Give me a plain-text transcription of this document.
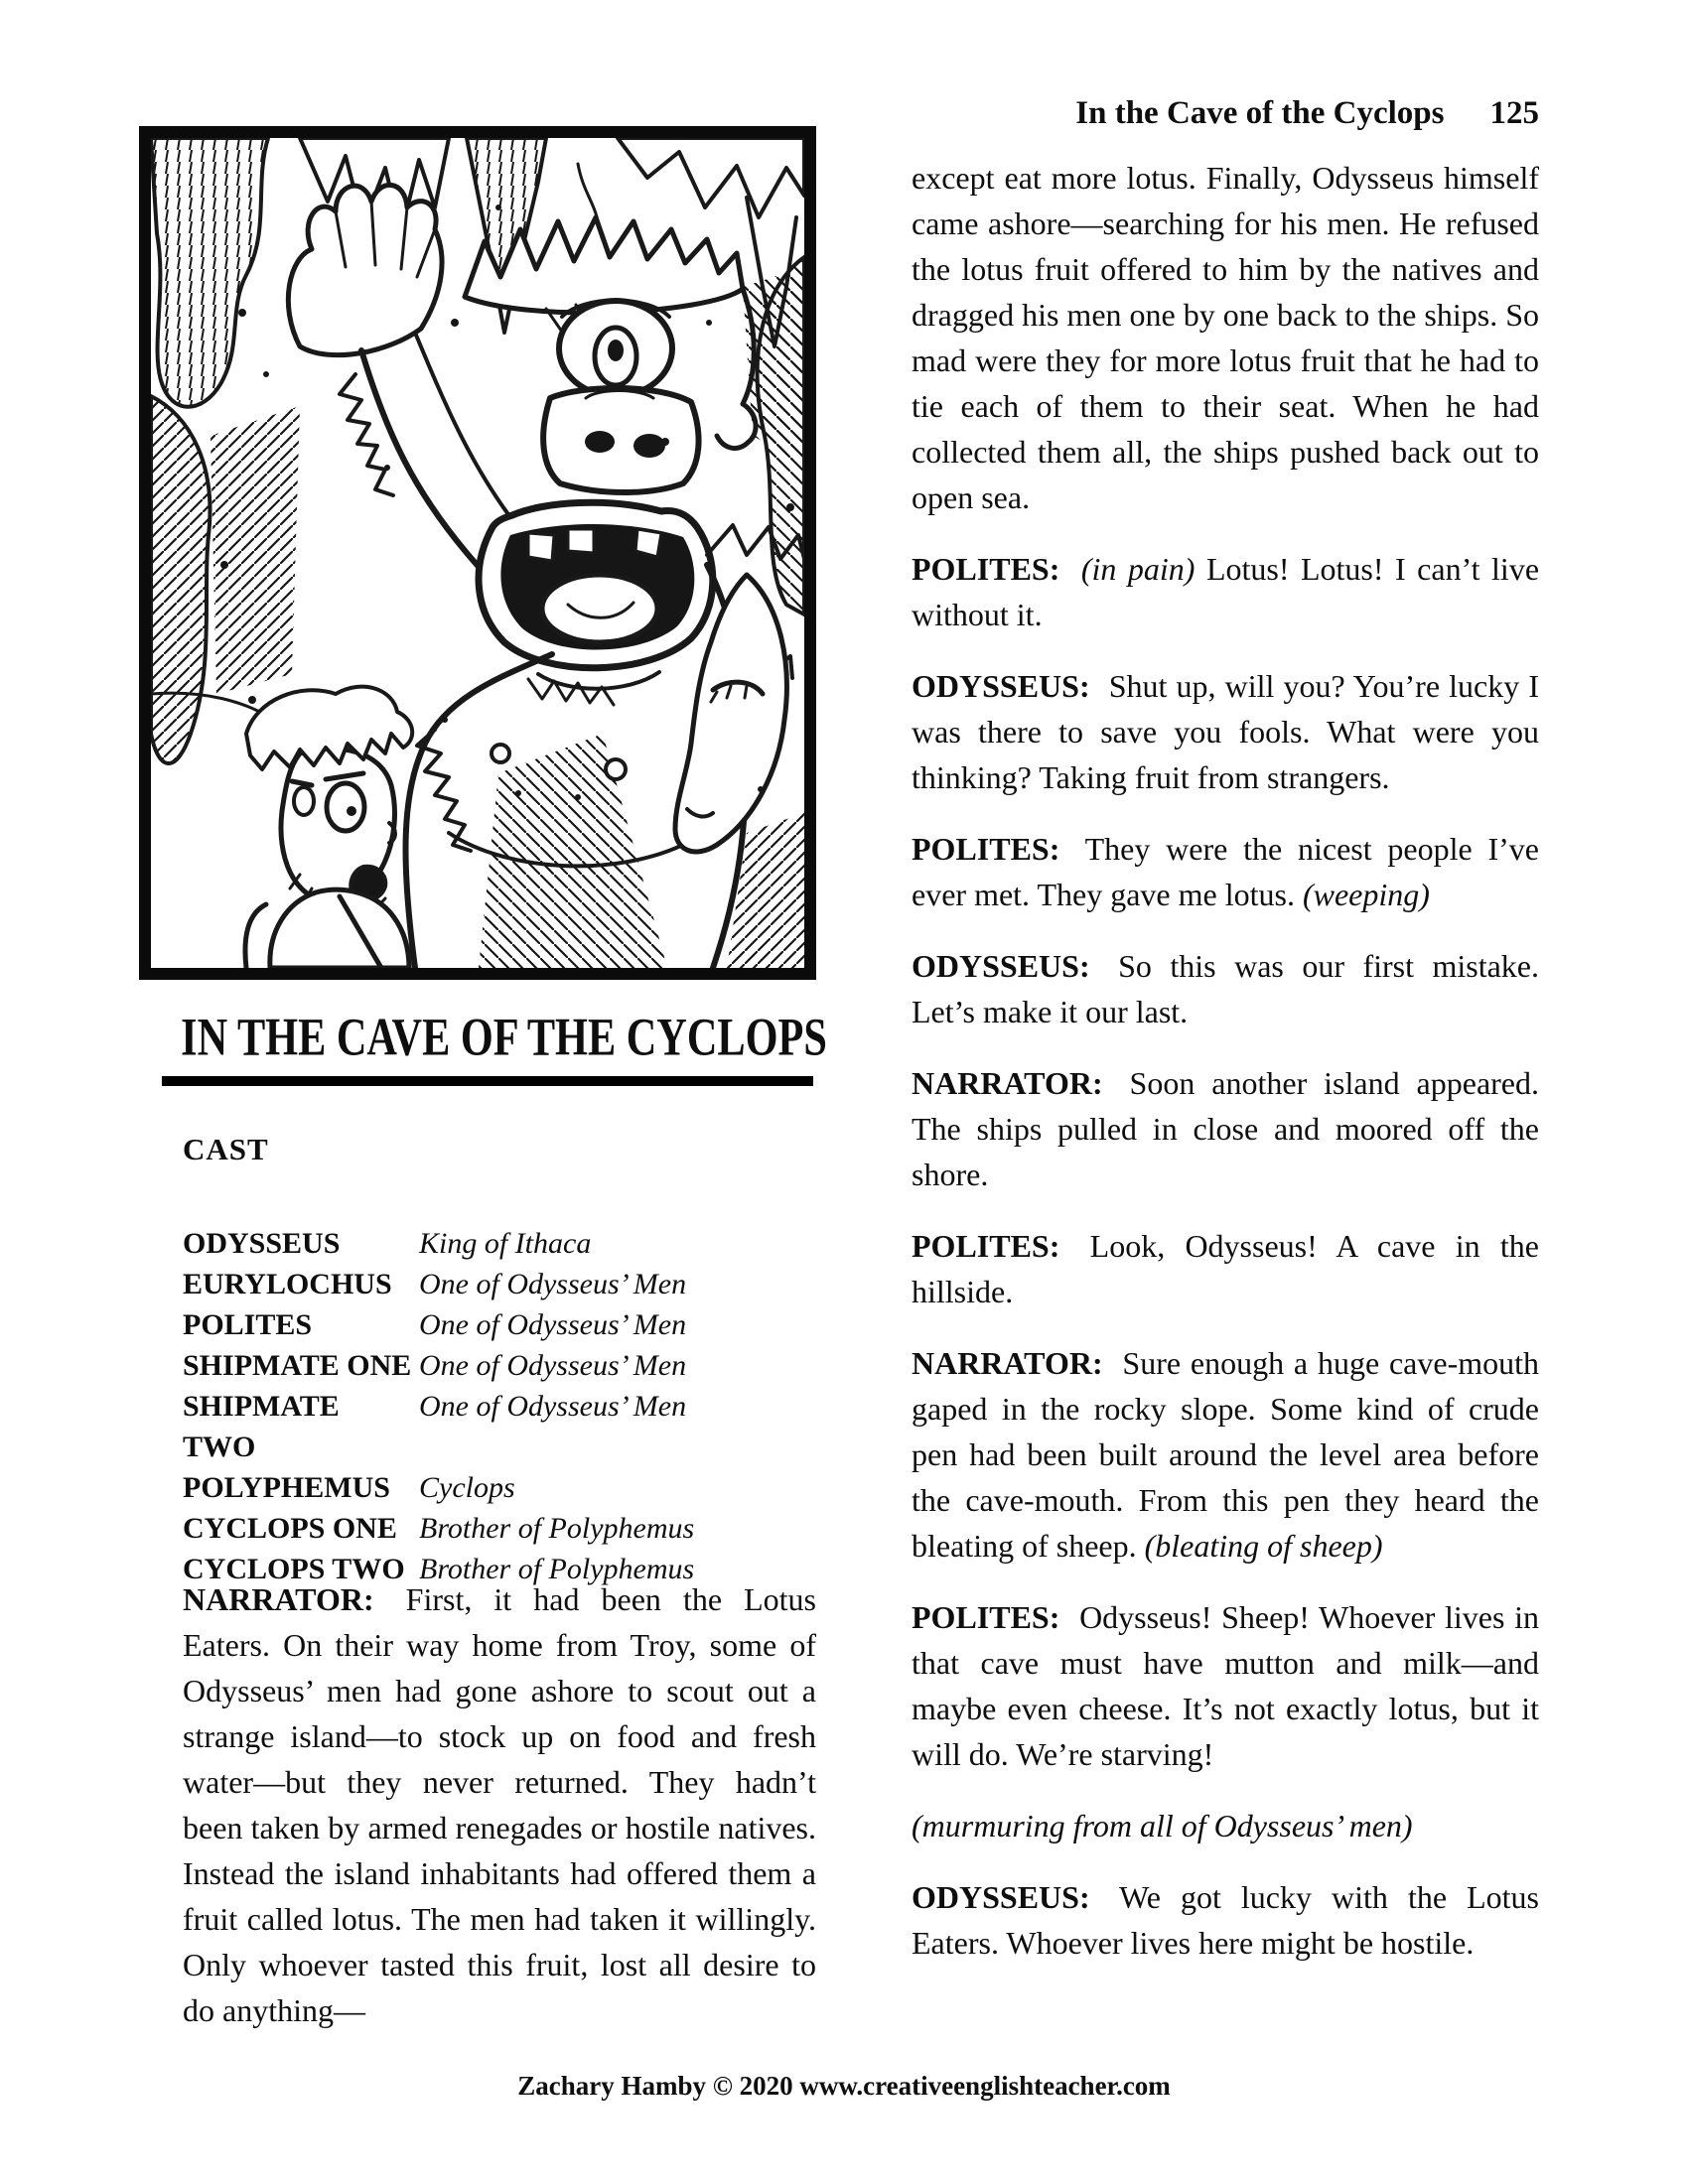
In the Cave of the Cyclops 125
IN THE CAVE OF THE CYCLOPS
CAST
ODYSSEUS	King of Ithaca
EURYLOCHUS One of Odysseus’ Men
POLITES	One of Odysseus’ Men
SHIPMATE ONE One of Odysseus’ Men
SHIPMATE TWO
One of Odysseus’ Men
POLYPHEMUS Cyclops
CYCLOPS ONE Brother of Polyphemus
CYCLOPS TWO Brother of Polyphemus

NARRATOR: First, it had been the Lotus Eaters. On their way home from Troy, some of Odysseus’ men had gone ashore to scout out a strange island—to stock up on food and fresh water—but they never returned. They hadn’t been taken by armed renegades or hostile natives. Instead the island inhabitants had offered them a fruit called lotus. The men had taken it willingly. Only whoever tasted this fruit, lost all desire to do anything—

except eat more lotus. Finally, Odysseus himself came ashore—searching for his men. He refused the lotus fruit offered to him by the natives and dragged his men one by one back to the ships. So mad were they for more lotus fruit that he had to tie each of them to their seat. When he had collected them all, the ships pushed back out to open sea.

POLITES: (in pain) Lotus! Lotus! I can’t live without it.

ODYSSEUS: Shut up, will you? You’re lucky I was there to save you fools. What were you thinking? Taking fruit from strangers.

POLITES: They were the nicest people I’ve ever met. They gave me lotus. (weeping)

ODYSSEUS: So this was our first mistake. Let’s make it our last.

NARRATOR: Soon another island appeared. The ships pulled in close and moored off the shore.

POLITES: Look, Odysseus! A cave in the hillside.

NARRATOR: Sure enough a huge cave-mouth gaped in the rocky slope. Some kind of crude pen had been built around the level area before the cave-mouth. From this pen they heard the bleating of sheep. (bleating of sheep)

POLITES: Odysseus! Sheep! Whoever lives in that cave must have mutton and milk—and maybe even cheese. It’s not exactly lotus, but it will do. We’re starving!

(murmuring from all of Odysseus’ men)

ODYSSEUS: We got lucky with the Lotus Eaters. Whoever lives here might be hostile.

Zachary Hamby © 2020 www.creativeenglishteacher.com
